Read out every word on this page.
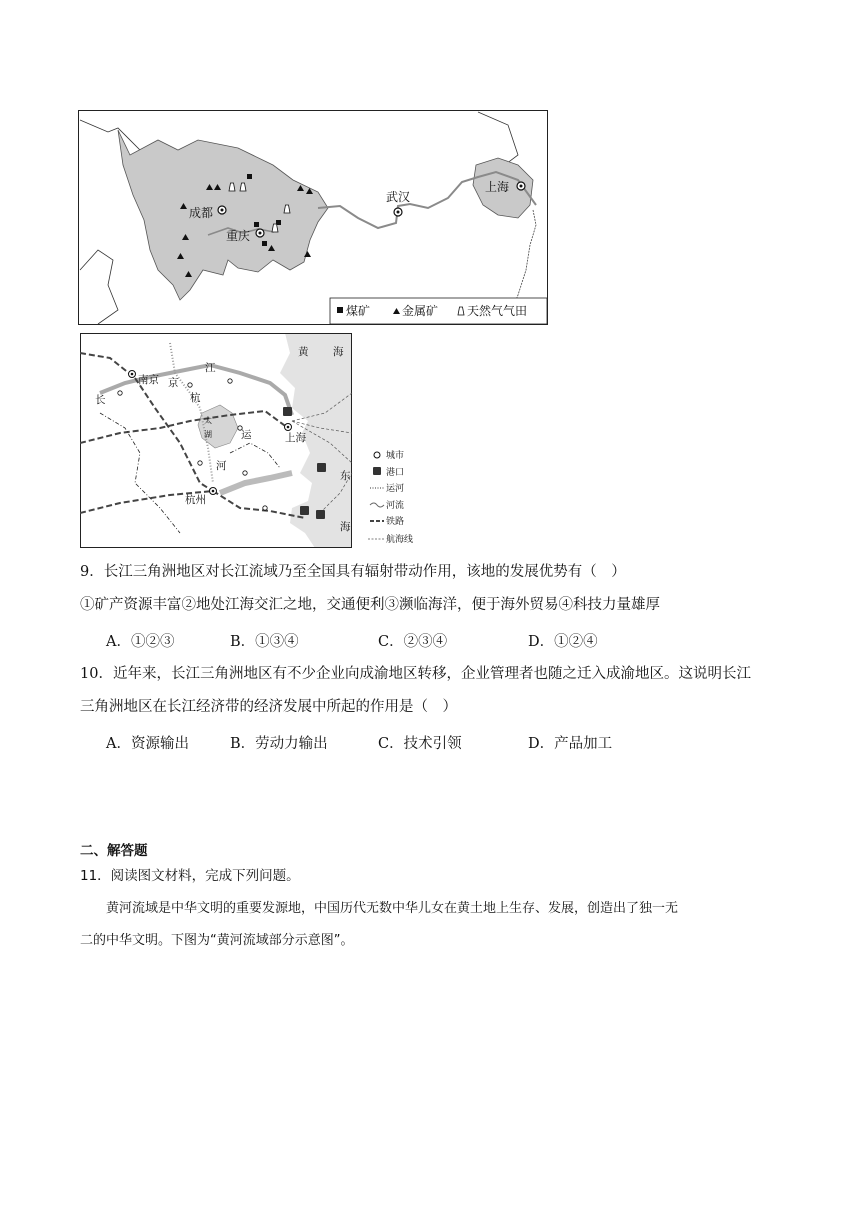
成都
重庆
武汉
上海
煤矿	金属矿 天然气气田
南京 京
江
长	杭
太
湖	运
河
上海
杭州
黄 海
东
海
城市
港口
运河
河流
铁路
航海线
9．长江三角洲地区对长江流域乃至全国具有辐射带动作用，该地的发展优势有（　）
①矿产资源丰富②地处江海交汇之地，交通便利③濒临海洋，便于海外贸易④科技力量雄厚
A．①②③	B．①③④	C．②③④	D．①②④
10．近年来，长江三角洲地区有不少企业向成渝地区转移，企业管理者也随之迁入成渝地区。这说明长江
三角洲地区在长江经济带的经济发展中所起的作用是（　）
A．资源输出	B．劳动力输出	C．技术引领	D．产品加工
二、解答题
11．阅读图文材料，完成下列问题。
　　黄河流域是中华文明的重要发源地，中国历代无数中华儿女在黄土地上生存、发展，创造出了独一无
二的中华文明。下图为“黄河流域部分示意图”。
